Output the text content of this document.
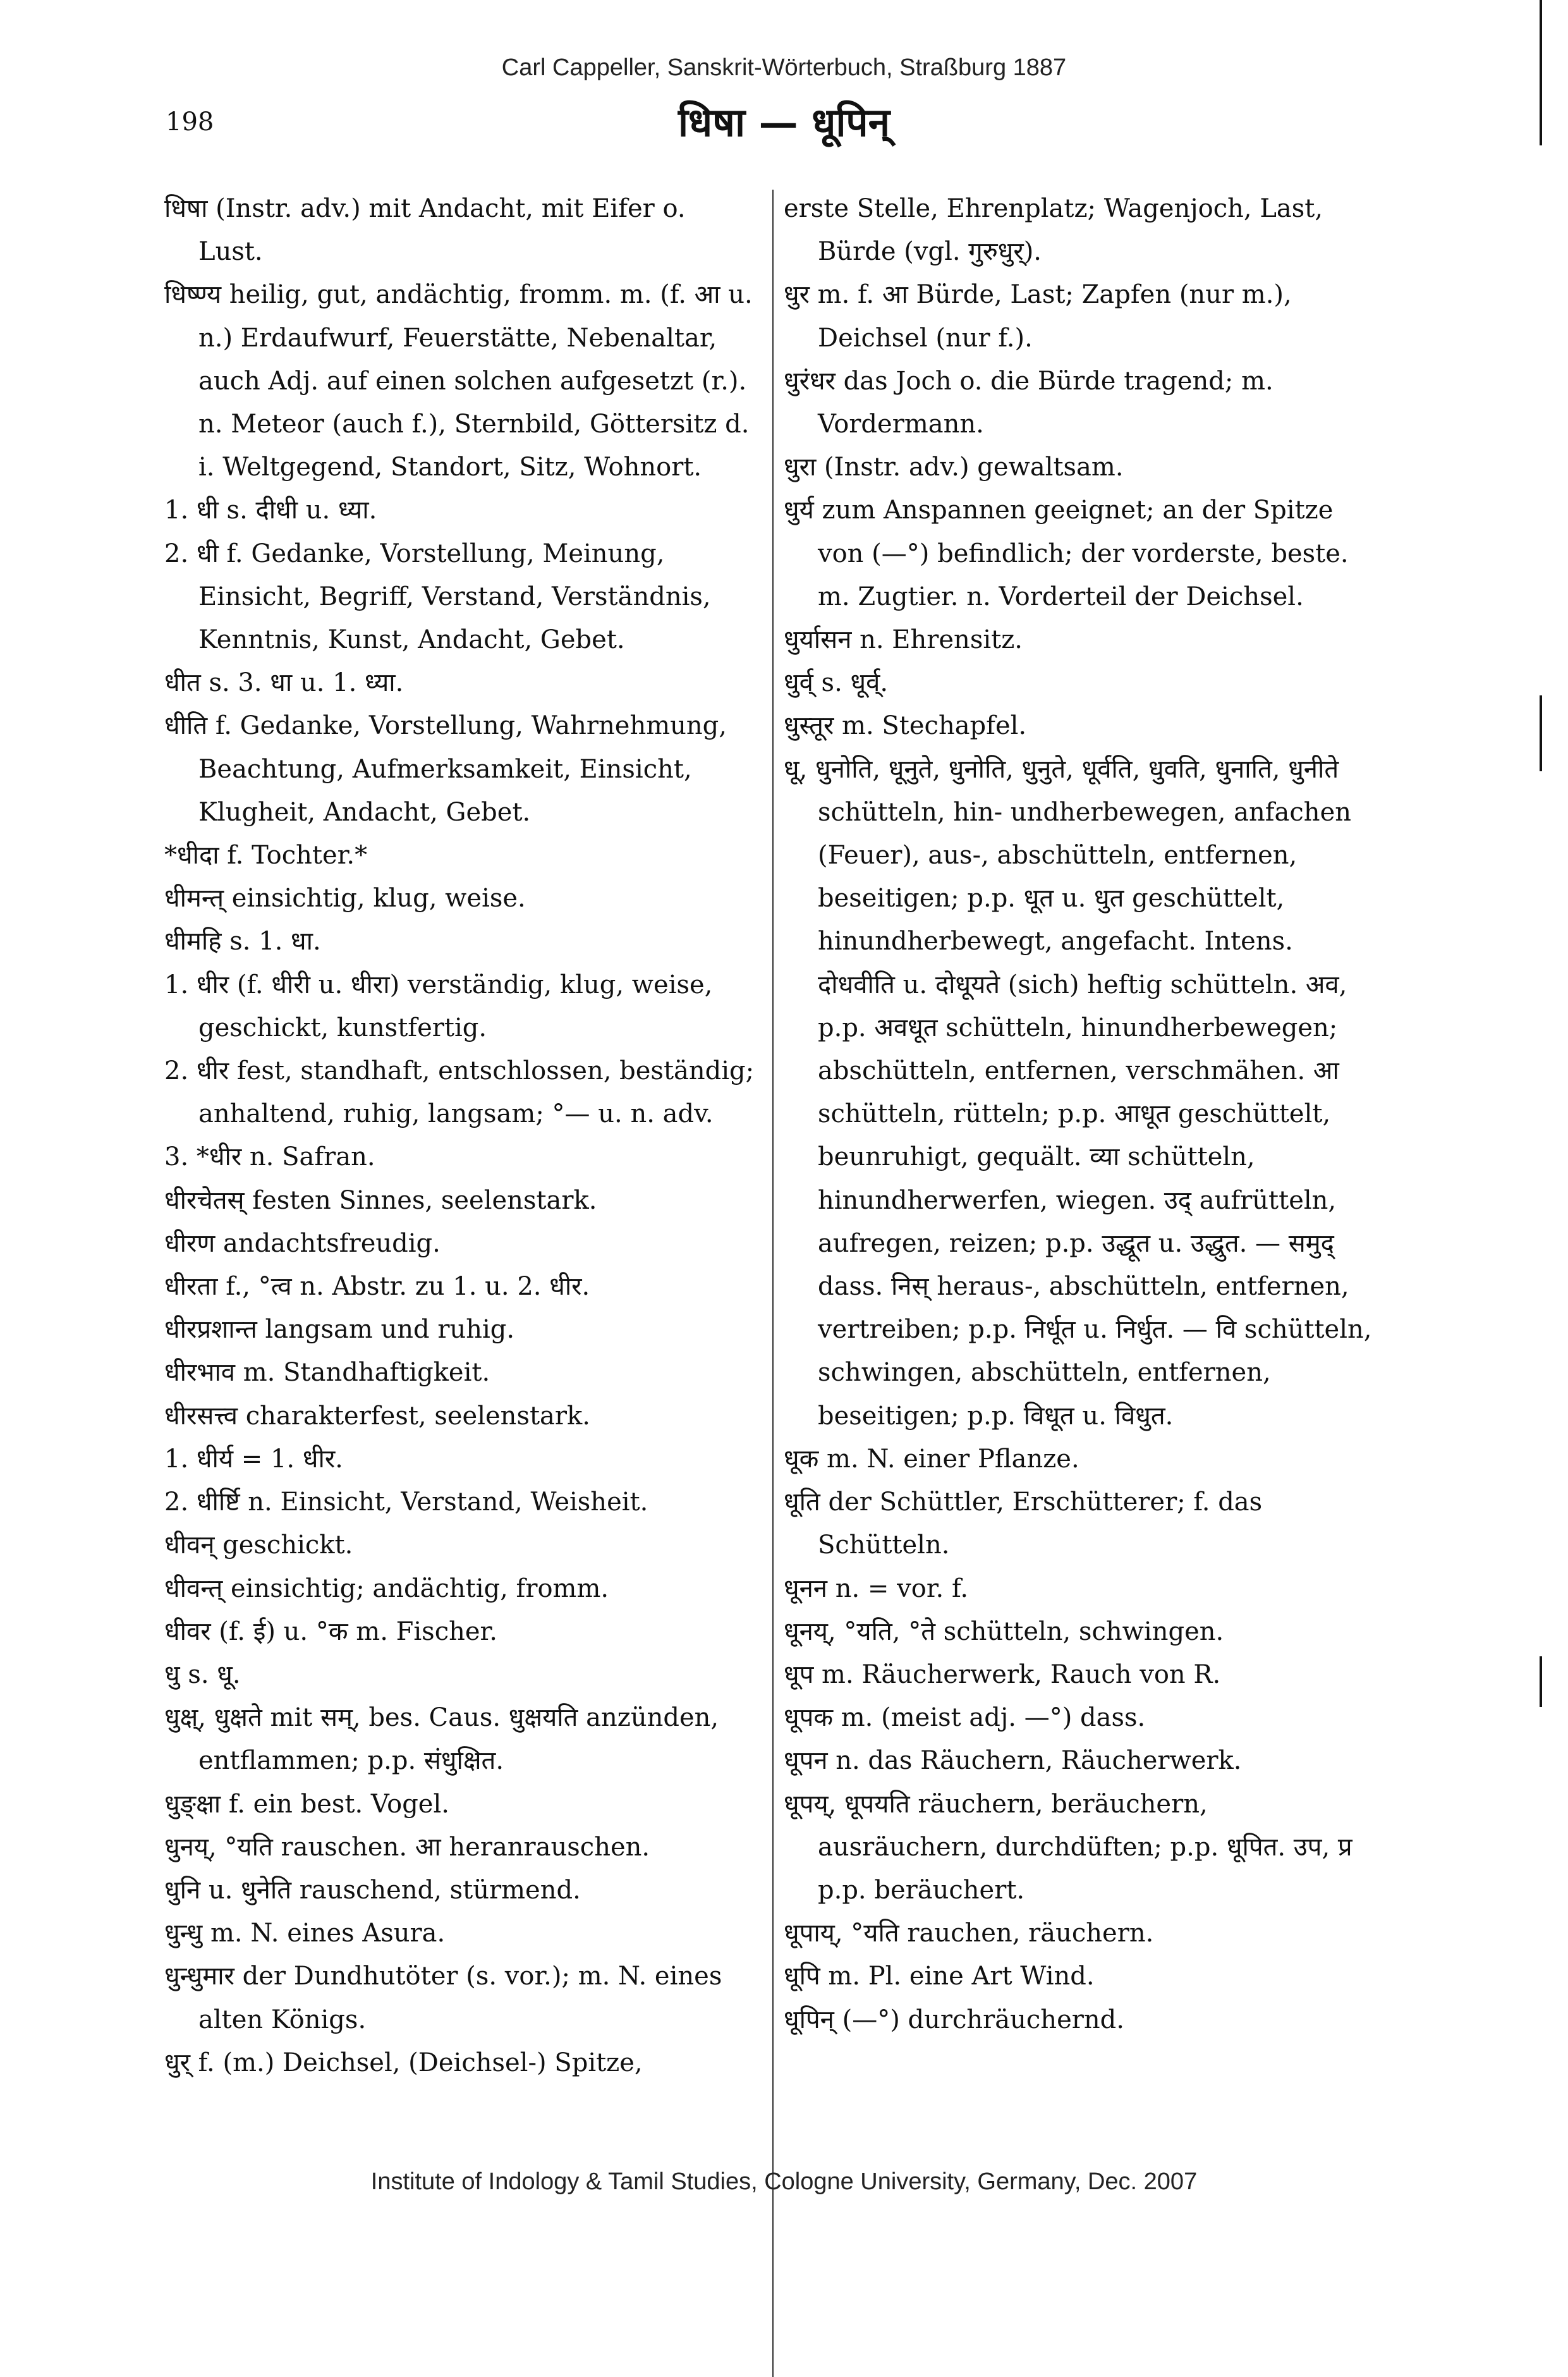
Carl Cappeller, Sanskrit-Wörterbuch, Straßburg 1887
198	धिषा — धूपिन्

धिषा (Instr. adv.) mit Andacht, mit Eifer o. Lust.

धिष्ण्य heilig, gut, andächtig, fromm. m. (f. आ u. n.) Erdaufwurf, Feuerstätte, Nebenaltar, auch Adj. auf einen solchen aufgesetzt (r.). n. Meteor (auch f.), Sternbild, Göttersitz d. i. Weltgegend, Standort, Sitz, Wohnort.

1. धी s. दीधी u. ध्या.

2. धी f. Gedanke, Vorstellung, Meinung, Einsicht, Begriff, Verstand, Verständnis, Kenntnis, Kunst, Andacht, Gebet.

धीत s. 3. धा u. 1. ध्या.

धीति f. Gedanke, Vorstellung, Wahrnehmung, Beachtung, Aufmerksamkeit, Einsicht, Klugheit, Andacht, Gebet.

*धीदा f. Tochter.*

धीमन्त् einsichtig, klug, weise.

धीमहि s. 1. धा.

1. धीर (f. धीरी u. धीरा) verständig, klug, weise, geschickt, kunstfertig.

2. धीर fest, standhaft, entschlossen, beständig; anhaltend, ruhig, langsam; °— u. n. adv.

3. *धीर n. Safran.

धीरचेतस् festen Sinnes, seelenstark.

धीरण andachtsfreudig.

धीरता f., °त्व n. Abstr. zu 1. u. 2. धीर.

धीरप्रशान्त langsam und ruhig.

धीरभाव m. Standhaftigkeit.

धीरसत्त्व charakterfest, seelenstark.

1. धीर्य = 1. धीर.

2. धीर्ष्टि n. Einsicht, Verstand, Weisheit.

धीवन् geschickt.

धीवन्त् einsichtig; andächtig, fromm.

धीवर (f. ई) u. °क m. Fischer.

धु s. धू.

धुक्ष्, धुक्षते mit सम्, bes. Caus. धुक्षयति anzünden, entflammen; p.p. संधुक्षित.

धुङ्क्षा f. ein best. Vogel.

धुनय्, °यति rauschen. आ heranrauschen.

धुनि u. धुनेति rauschend, stürmend.

धुन्धु m. N. eines Asura.

धुन्धुमार der Dundhutöter (s. vor.); m. N. eines alten Königs.

धुर् f. (m.) Deichsel, (Deichsel-) Spitze,

erste Stelle, Ehrenplatz; Wagenjoch, Last, Bürde (vgl. गुरुधुर्).

धुर m. f. आ Bürde, Last; Zapfen (nur m.), Deichsel (nur f.).

धुरंधर das Joch o. die Bürde tragend; m. Vordermann.

धुरा (Instr. adv.) gewaltsam.

धुर्य zum Anspannen geeignet; an der Spitze von (—°) befindlich; der vorderste, beste. m. Zugtier. n. Vorderteil der Deichsel.

धुर्यासन n. Ehrensitz.

धुर्व् s. धूर्व्.

धुस्तूर m. Stechapfel.

धू, धुनोति, धूनुते, धुनोति, धुनुते, धूर्वति, धुवति, धुनाति, धुनीते schütteln, hin- undherbewegen, anfachen (Feuer), aus-, abschütteln, entfernen, beseitigen; p.p. धूत u. धुत geschüttelt, hinundherbewegt, angefacht. Intens. दोधवीति u. दोधूयते (sich) heftig schütteln. अव, p.p. अवधूत schütteln, hinundherbewegen; abschütteln, entfernen, verschmähen. आ schütteln, rütteln; p.p. आधूत geschüttelt, beunruhigt, gequält. व्या schütteln, hinundherwerfen, wiegen. उद् aufrütteln, aufregen, reizen; p.p. उद्धूत u. उद्धुत. — समुद् dass. निस् heraus-, abschütteln, entfernen, vertreiben; p.p. निर्धूत u. निर्धुत. — वि schütteln, schwingen, abschütteln, entfernen, beseitigen; p.p. विधूत u. विधुत.

धूक m. N. einer Pflanze.

धूति der Schüttler, Erschütterer; f. das Schütteln.

धूनन n. = vor. f.

धूनय्, °यति, °ते schütteln, schwingen.

धूप m. Räucherwerk, Rauch von R.

धूपक m. (meist adj. —°) dass.

धूपन n. das Räuchern, Räucherwerk.

धूपय्, धूपयति räuchern, beräuchern, ausräuchern, durchdüften; p.p. धूपित. उप, प्र p.p. beräuchert.

धूपाय्, °यति rauchen, räuchern.

धूपि m. Pl. eine Art Wind.

धूपिन् (—°) durchräuchernd.

Institute of Indology & Tamil Studies, Cologne University, Germany, Dec. 2007
